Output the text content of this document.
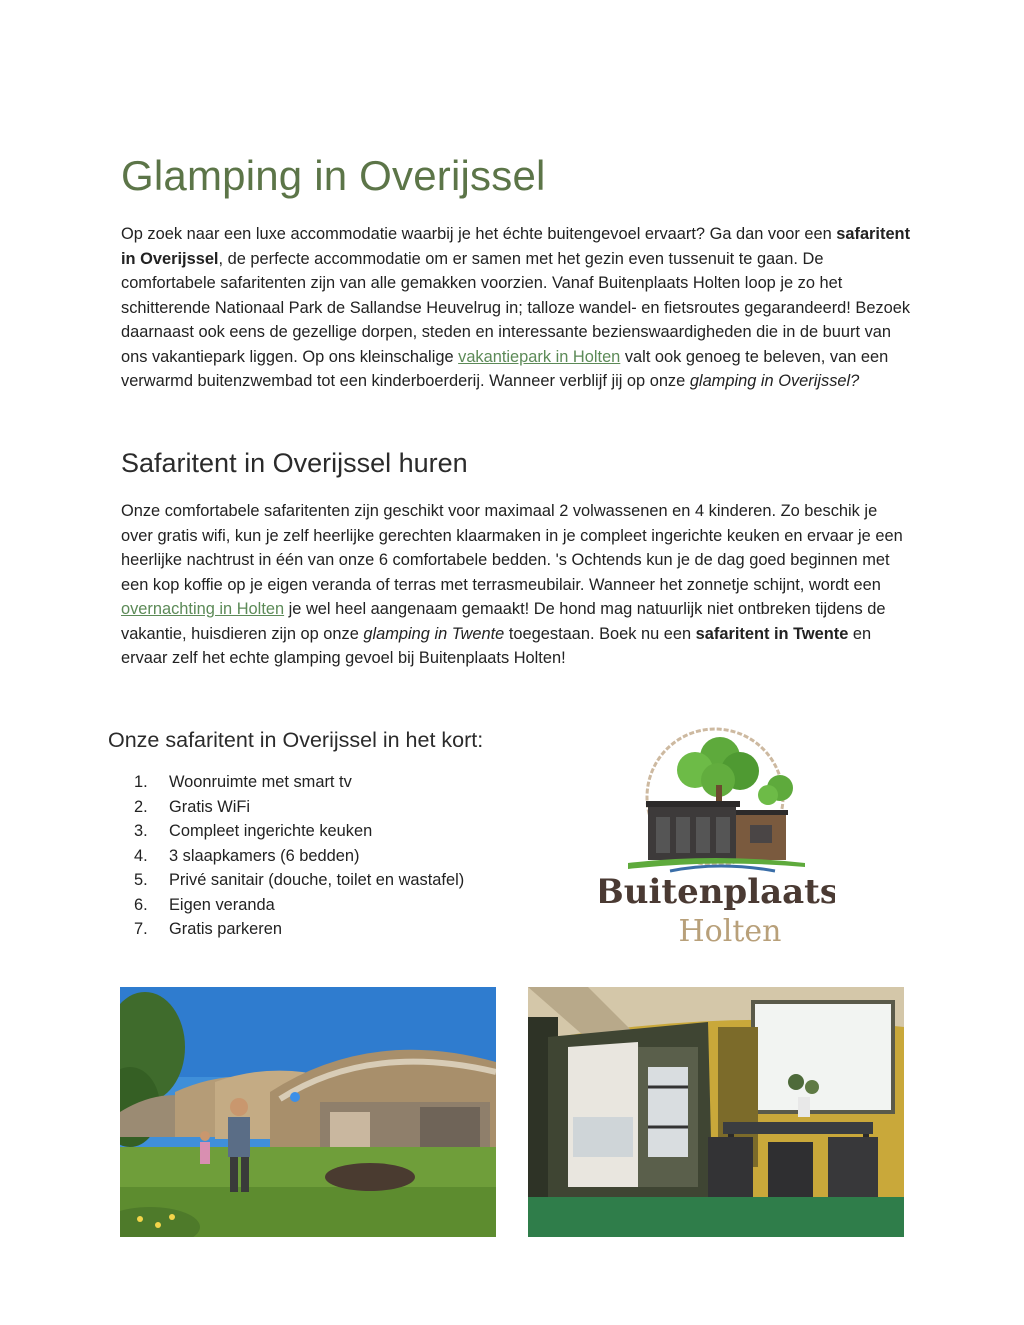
Glamping in Overijssel

Op zoek naar een luxe accommodatie waarbij je het échte buitengevoel ervaart? Ga dan voor een safaritent in Overijssel, de perfecte accommodatie om er samen met het gezin even tussenuit te gaan. De comfortabele safaritenten zijn van alle gemakken voorzien. Vanaf Buitenplaats Holten loop je zo het schitterende Nationaal Park de Sallandse Heuvelrug in; talloze wandel- en fietsroutes gegarandeerd! Bezoek daarnaast ook eens de gezellige dorpen, steden en interessante bezienswaardigheden die in de buurt van ons vakantiepark liggen. Op ons kleinschalige vakantiepark in Holten valt ook genoeg te beleven, van een verwarmd buitenzwembad tot een kinderboerderij. Wanneer verblijf jij op onze glamping in Overijssel?

Safaritent in Overijssel huren

Onze comfortabele safaritenten zijn geschikt voor maximaal 2 volwassenen en 4 kinderen. Zo beschik je over gratis wifi, kun je zelf heerlijke gerechten klaarmaken in je compleet ingerichte keuken en ervaar je een heerlijke nachtrust in één van onze 6 comfortabele bedden. 's Ochtends kun je de dag goed beginnen met een kop koffie op je eigen veranda of terras met terrasmeubilair. Wanneer het zonnetje schijnt, wordt een overnachting in Holten je wel heel aangenaam gemaakt! De hond mag natuurlijk niet ontbreken tijdens de vakantie, huisdieren zijn op onze glamping in Twente toegestaan. Boek nu een safaritent in Twente en ervaar zelf het echte glamping gevoel bij Buitenplaats Holten!

Onze safaritent in Overijssel in het kort:
1.	Woonruimte met smart tv
2.	Gratis WiFi
3.	Compleet ingerichte keuken
4.	3 slaapkamers (6 bedden)
5.	Privé sanitair (douche, toilet en wastafel)
6.	Eigen veranda
7.	Gratis parkeren
Buitenplaats
Holten
